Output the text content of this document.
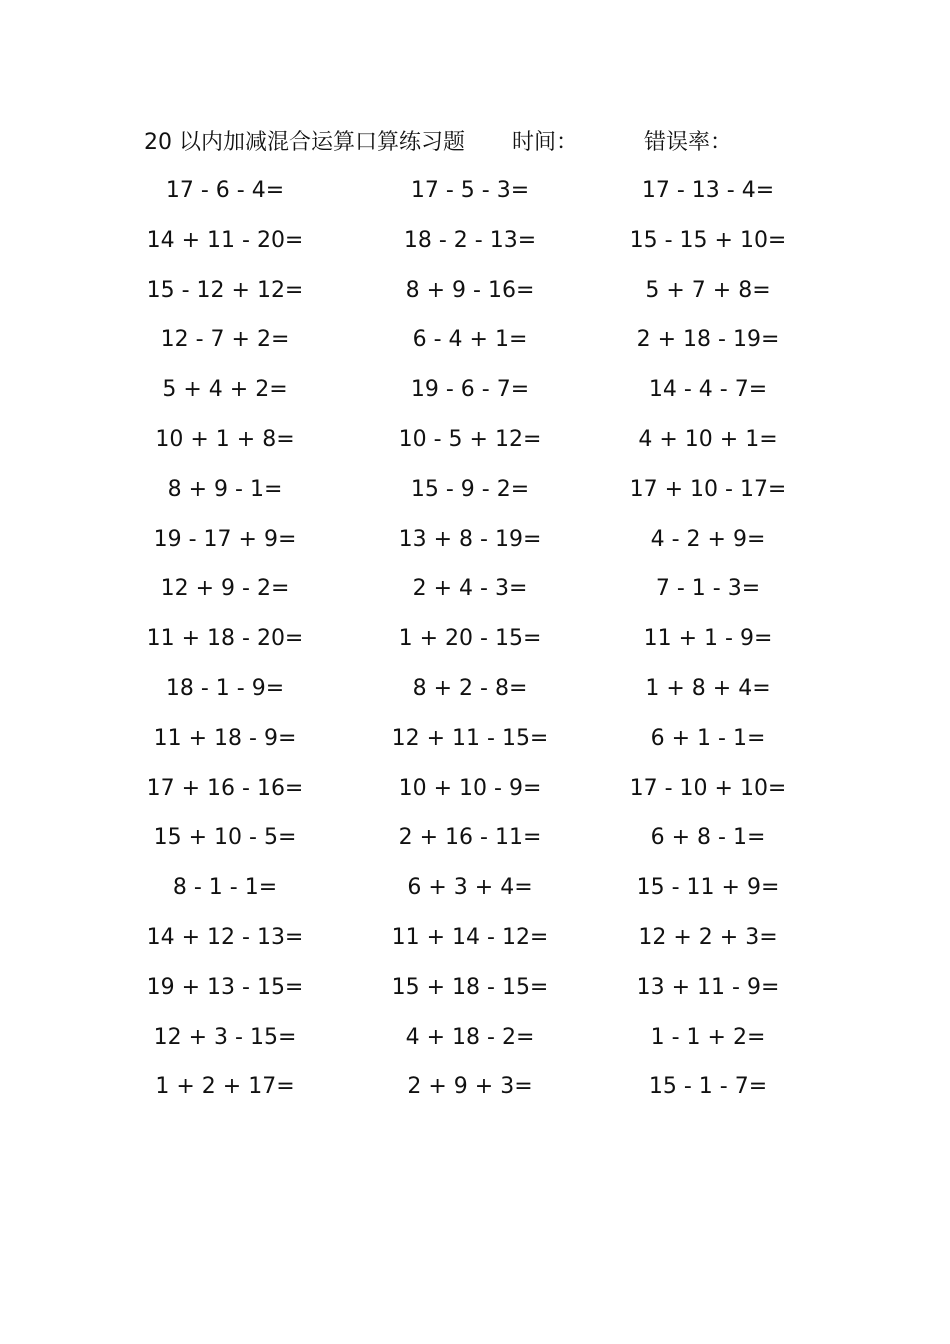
20 以内加减混合运算口算练习题 时间：	错误率：
17 - 6 - 4=	17 - 5 - 3=	17 - 13 - 4=
14 + 11 - 20=	18 - 2 - 13=	15 - 15 + 10=
15 - 12 + 12=	8 + 9 - 16=	5 + 7 + 8=
12 - 7 + 2=	6 - 4 + 1=	2 + 18 - 19=
5 + 4 + 2=	19 - 6 - 7=	14 - 4 - 7=
10 + 1 + 8=	10 - 5 + 12=	4 + 10 + 1=
8 + 9 - 1=	15 - 9 - 2=	17 + 10 - 17=
19 - 17 + 9=	13 + 8 - 19=	4 - 2 + 9=
12 + 9 - 2=	2 + 4 - 3=	7 - 1 - 3=
11 + 18 - 20=	1 + 20 - 15=	11 + 1 - 9=
18 - 1 - 9=	8 + 2 - 8=	1 + 8 + 4=
11 + 18 - 9=	12 + 11 - 15=	6 + 1 - 1=
17 + 16 - 16=	10 + 10 - 9=	17 - 10 + 10=
15 + 10 - 5=	2 + 16 - 11=	6 + 8 - 1=
8 - 1 - 1=	6 + 3 + 4=	15 - 11 + 9=
14 + 12 - 13=	11 + 14 - 12=	12 + 2 + 3=
19 + 13 - 15=	15 + 18 - 15=	13 + 11 - 9=
12 + 3 - 15=	4 + 18 - 2=	1 - 1 + 2=
1 + 2 + 17=	2 + 9 + 3=	15 - 1 - 7=
